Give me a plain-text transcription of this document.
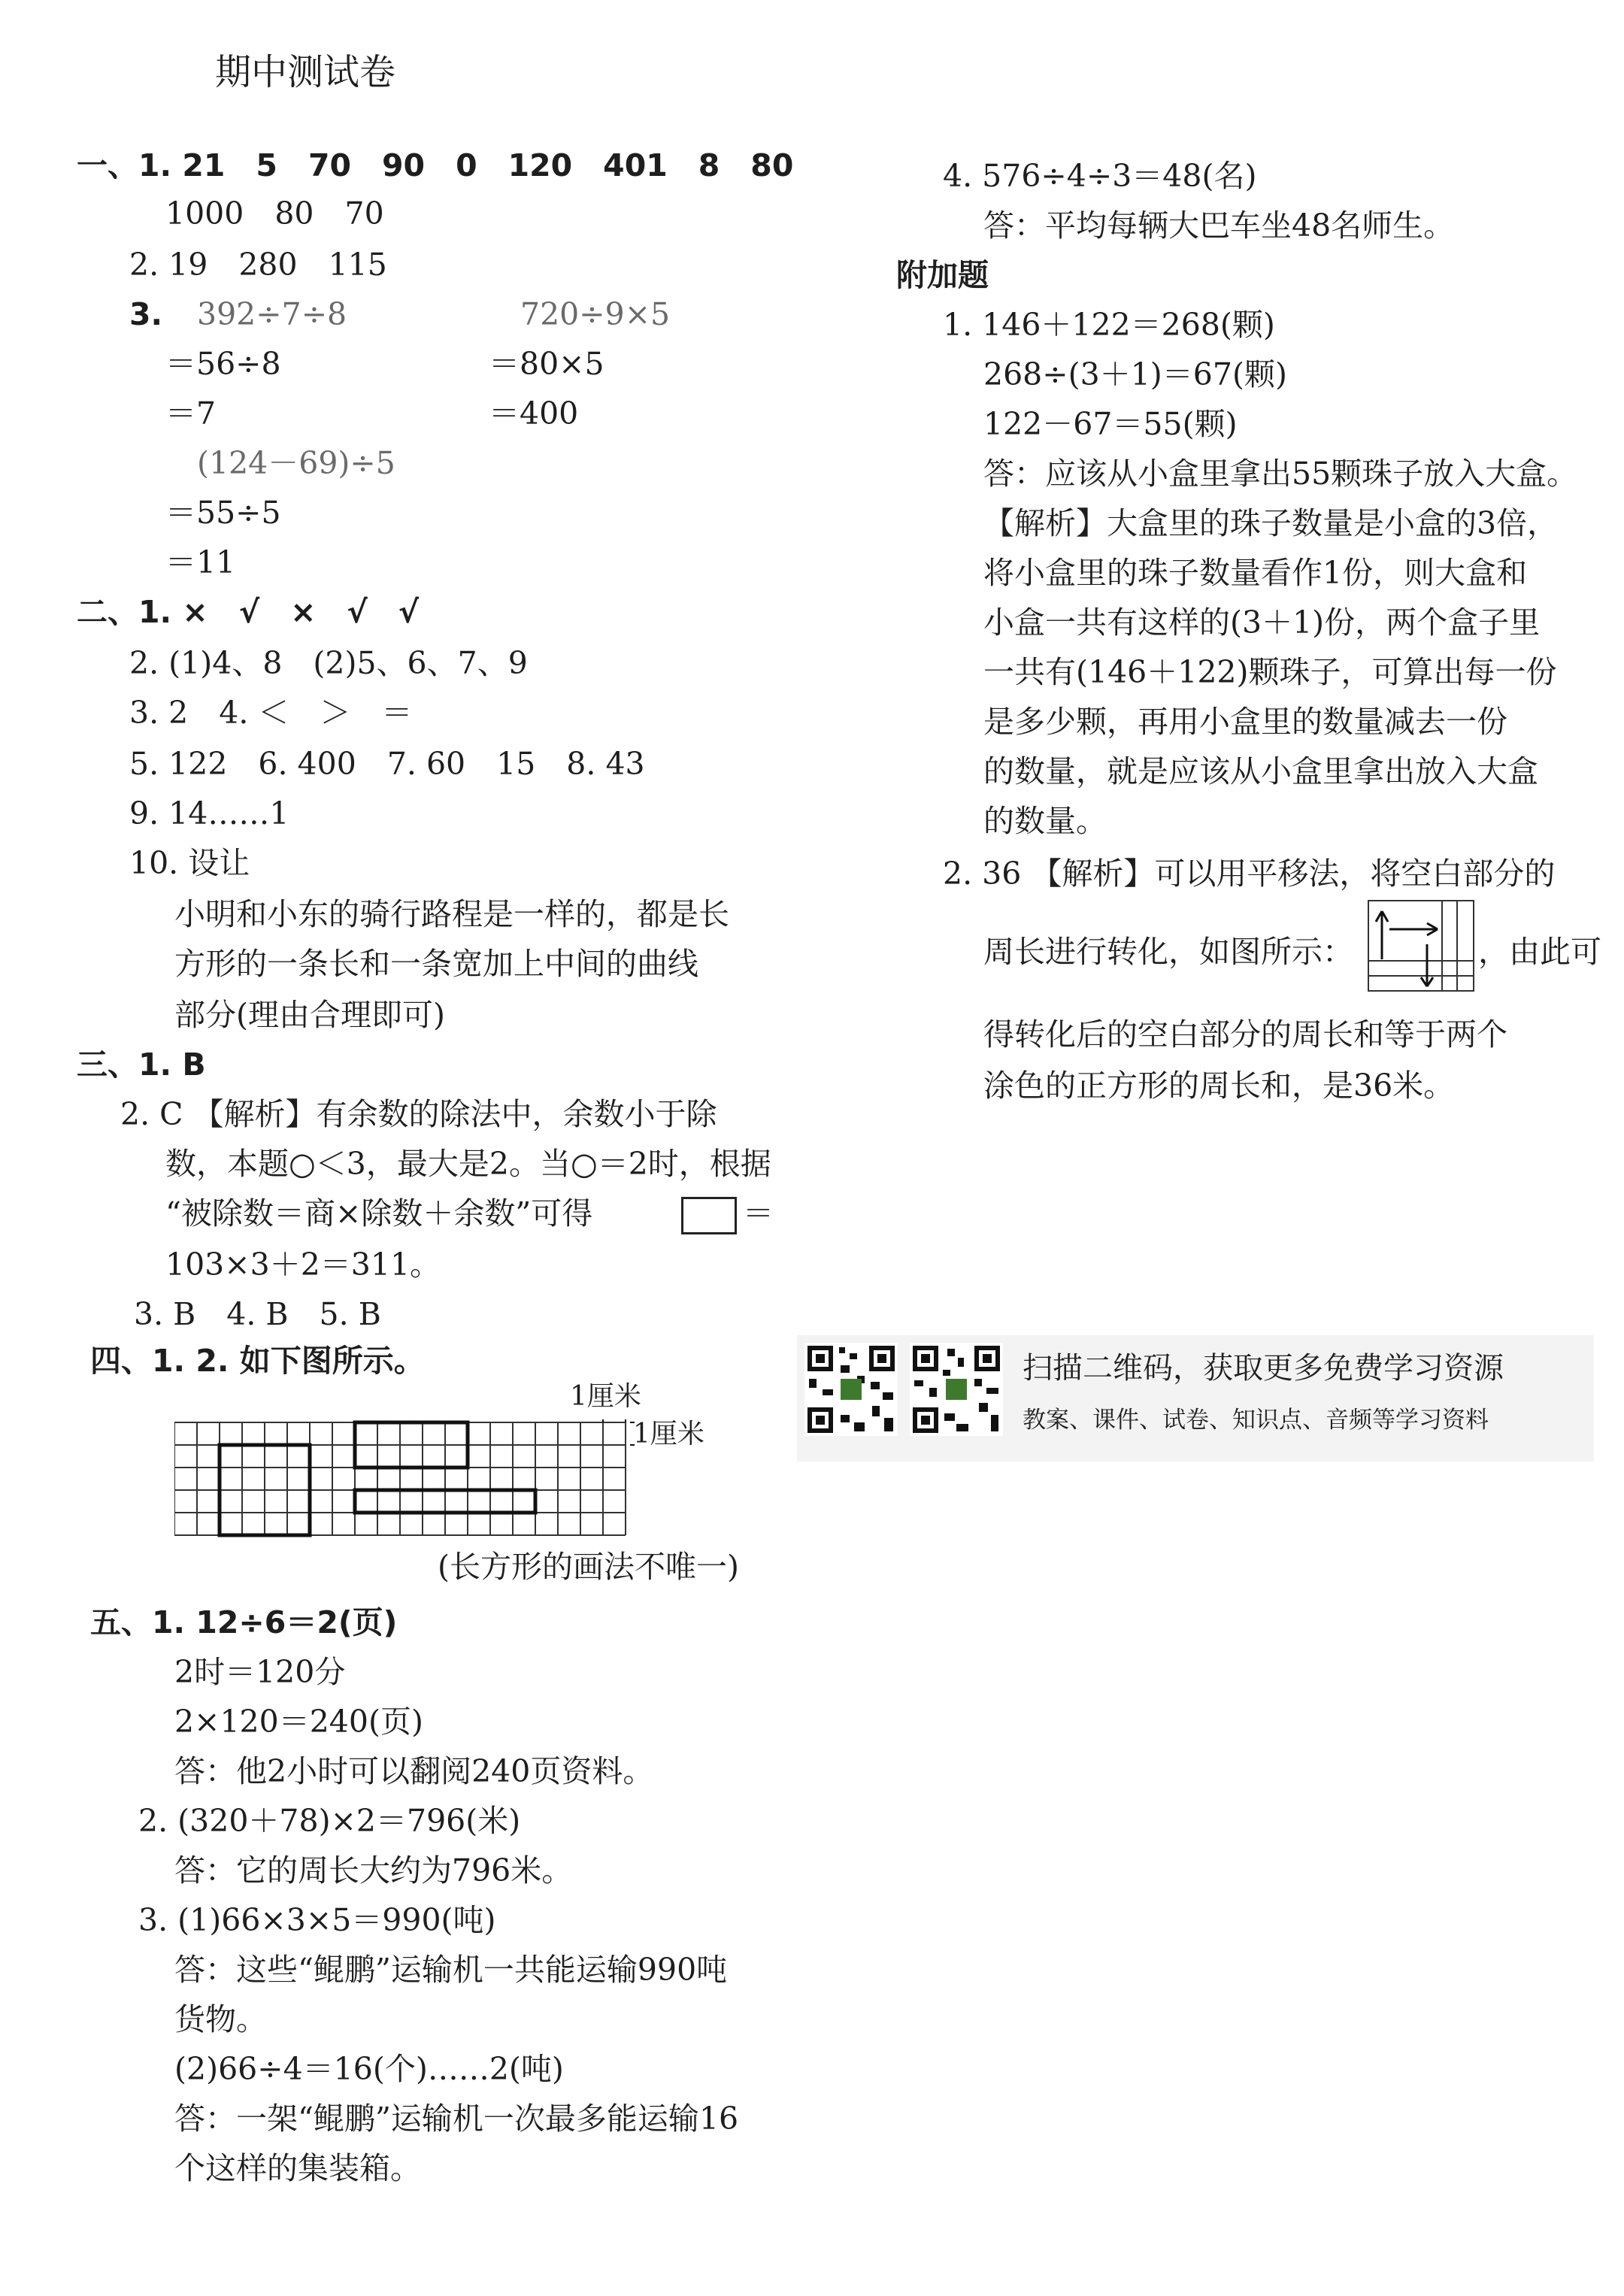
期中测试卷
一、1. 21　5　70　90　0　120　401　8　80
1000　80　70
2. 19　280　115
3. 392÷7÷8	720÷9×5
＝56÷8	＝80×5
＝7	＝400
(124－69)÷5
＝55÷5
＝11
二、1. ×　√　×　√　√
2. (1)4、8　(2)5、6、7、9
3. 2　4. ＜　＞　＝
5. 122　6. 400　7. 60　15　8. 43
9. 14……1
10. 设让
小明和小东的骑行路程是一样的，都是长
方形的一条长和一条宽加上中间的曲线
部分(理由合理即可)
三、1. B
2. C 【解析】有余数的除法中，余数小于除
数，本题○＜3，最大是2。当○＝2时，根据
“被除数＝商×除数＋余数”可得	＝
103×3＋2＝311。
3. B　4. B　5. B
四、1. 2. 如下图所示。
1厘米
1厘米
(长方形的画法不唯一)
五、1. 12÷6＝2(页)
2时＝120分
2×120＝240(页)
答：他2小时可以翻阅240页资料。
2. (320＋78)×2＝796(米)
答：它的周长大约为796米。
3. (1)66×3×5＝990(吨)
答：这些“鲲鹏”运输机一共能运输990吨
货物。
(2)66÷4＝16(个)……2(吨)
答：一架“鲲鹏”运输机一次最多能运输16
个这样的集装箱。
4. 576÷4÷3＝48(名)
答：平均每辆大巴车坐48名师生。
附加题
1. 146＋122＝268(颗)
268÷(3＋1)＝67(颗)
122－67＝55(颗)
答：应该从小盒里拿出55颗珠子放入大盒。
【解析】大盒里的珠子数量是小盒的3倍，
将小盒里的珠子数量看作1份，则大盒和
小盒一共有这样的(3＋1)份，两个盒子里
一共有(146＋122)颗珠子，可算出每一份
是多少颗，再用小盒里的数量减去一份
的数量，就是应该从小盒里拿出放入大盒
的数量。
2. 36 【解析】可以用平移法，将空白部分的
周长进行转化，如图所示：	，由此可
得转化后的空白部分的周长和等于两个
涂色的正方形的周长和，是36米。
扫描二维码，获取更多免费学习资源
教案、课件、试卷、知识点、音频等学习资料
